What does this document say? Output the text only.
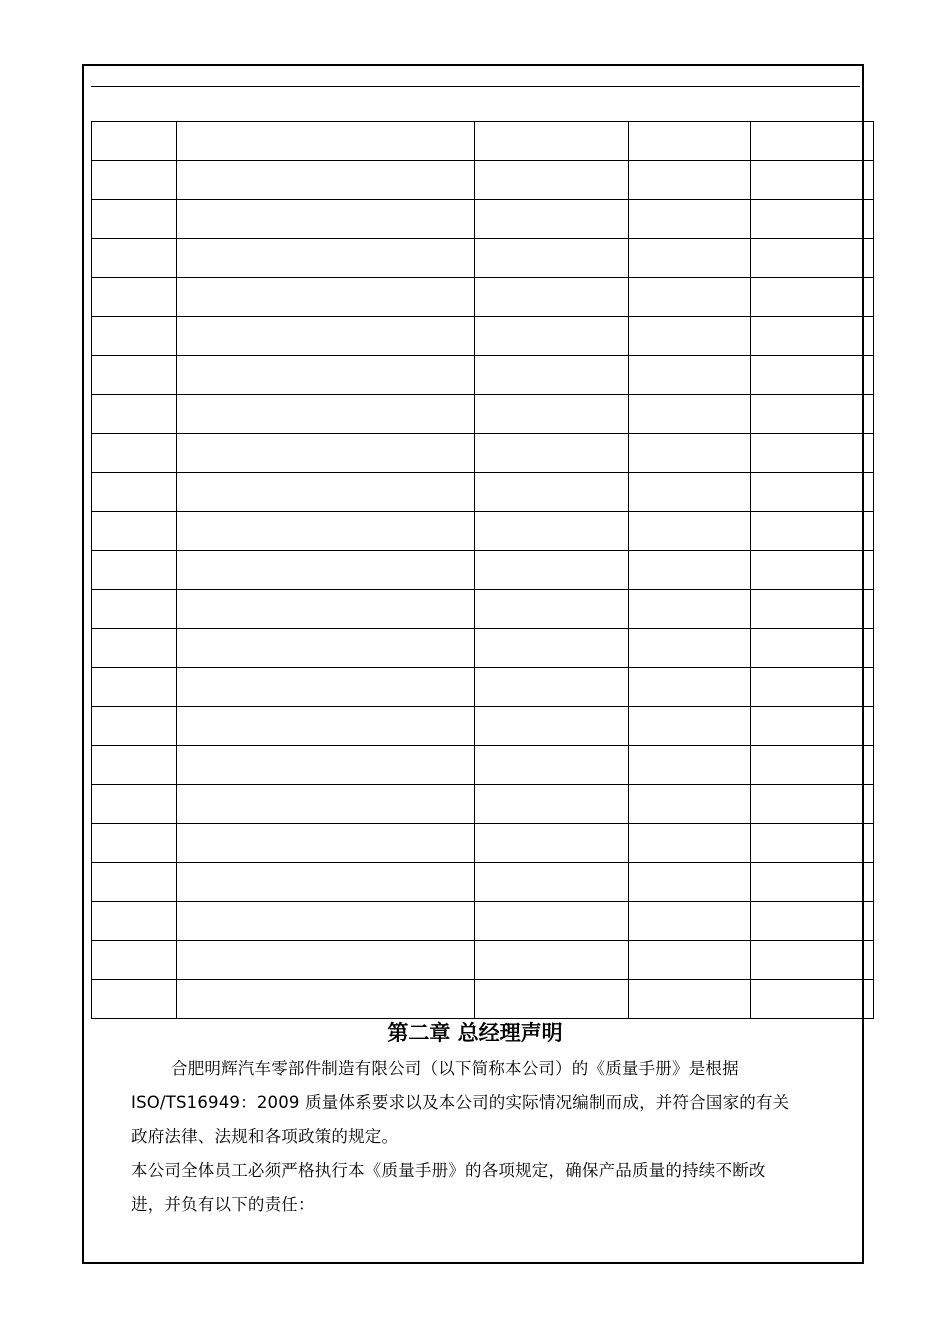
第二章 总经理声明
合肥明辉汽车零部件制造有限公司（以下简称本公司）的《质量手册》是根据
ISO/TS16949：2009 质量体系要求以及本公司的实际情况编制而成，并符合国家的有关
政府法律、法规和各项政策的规定。
本公司全体员工必须严格执行本《质量手册》的各项规定，确保产品质量的持续不断改
进，并负有以下的责任：
